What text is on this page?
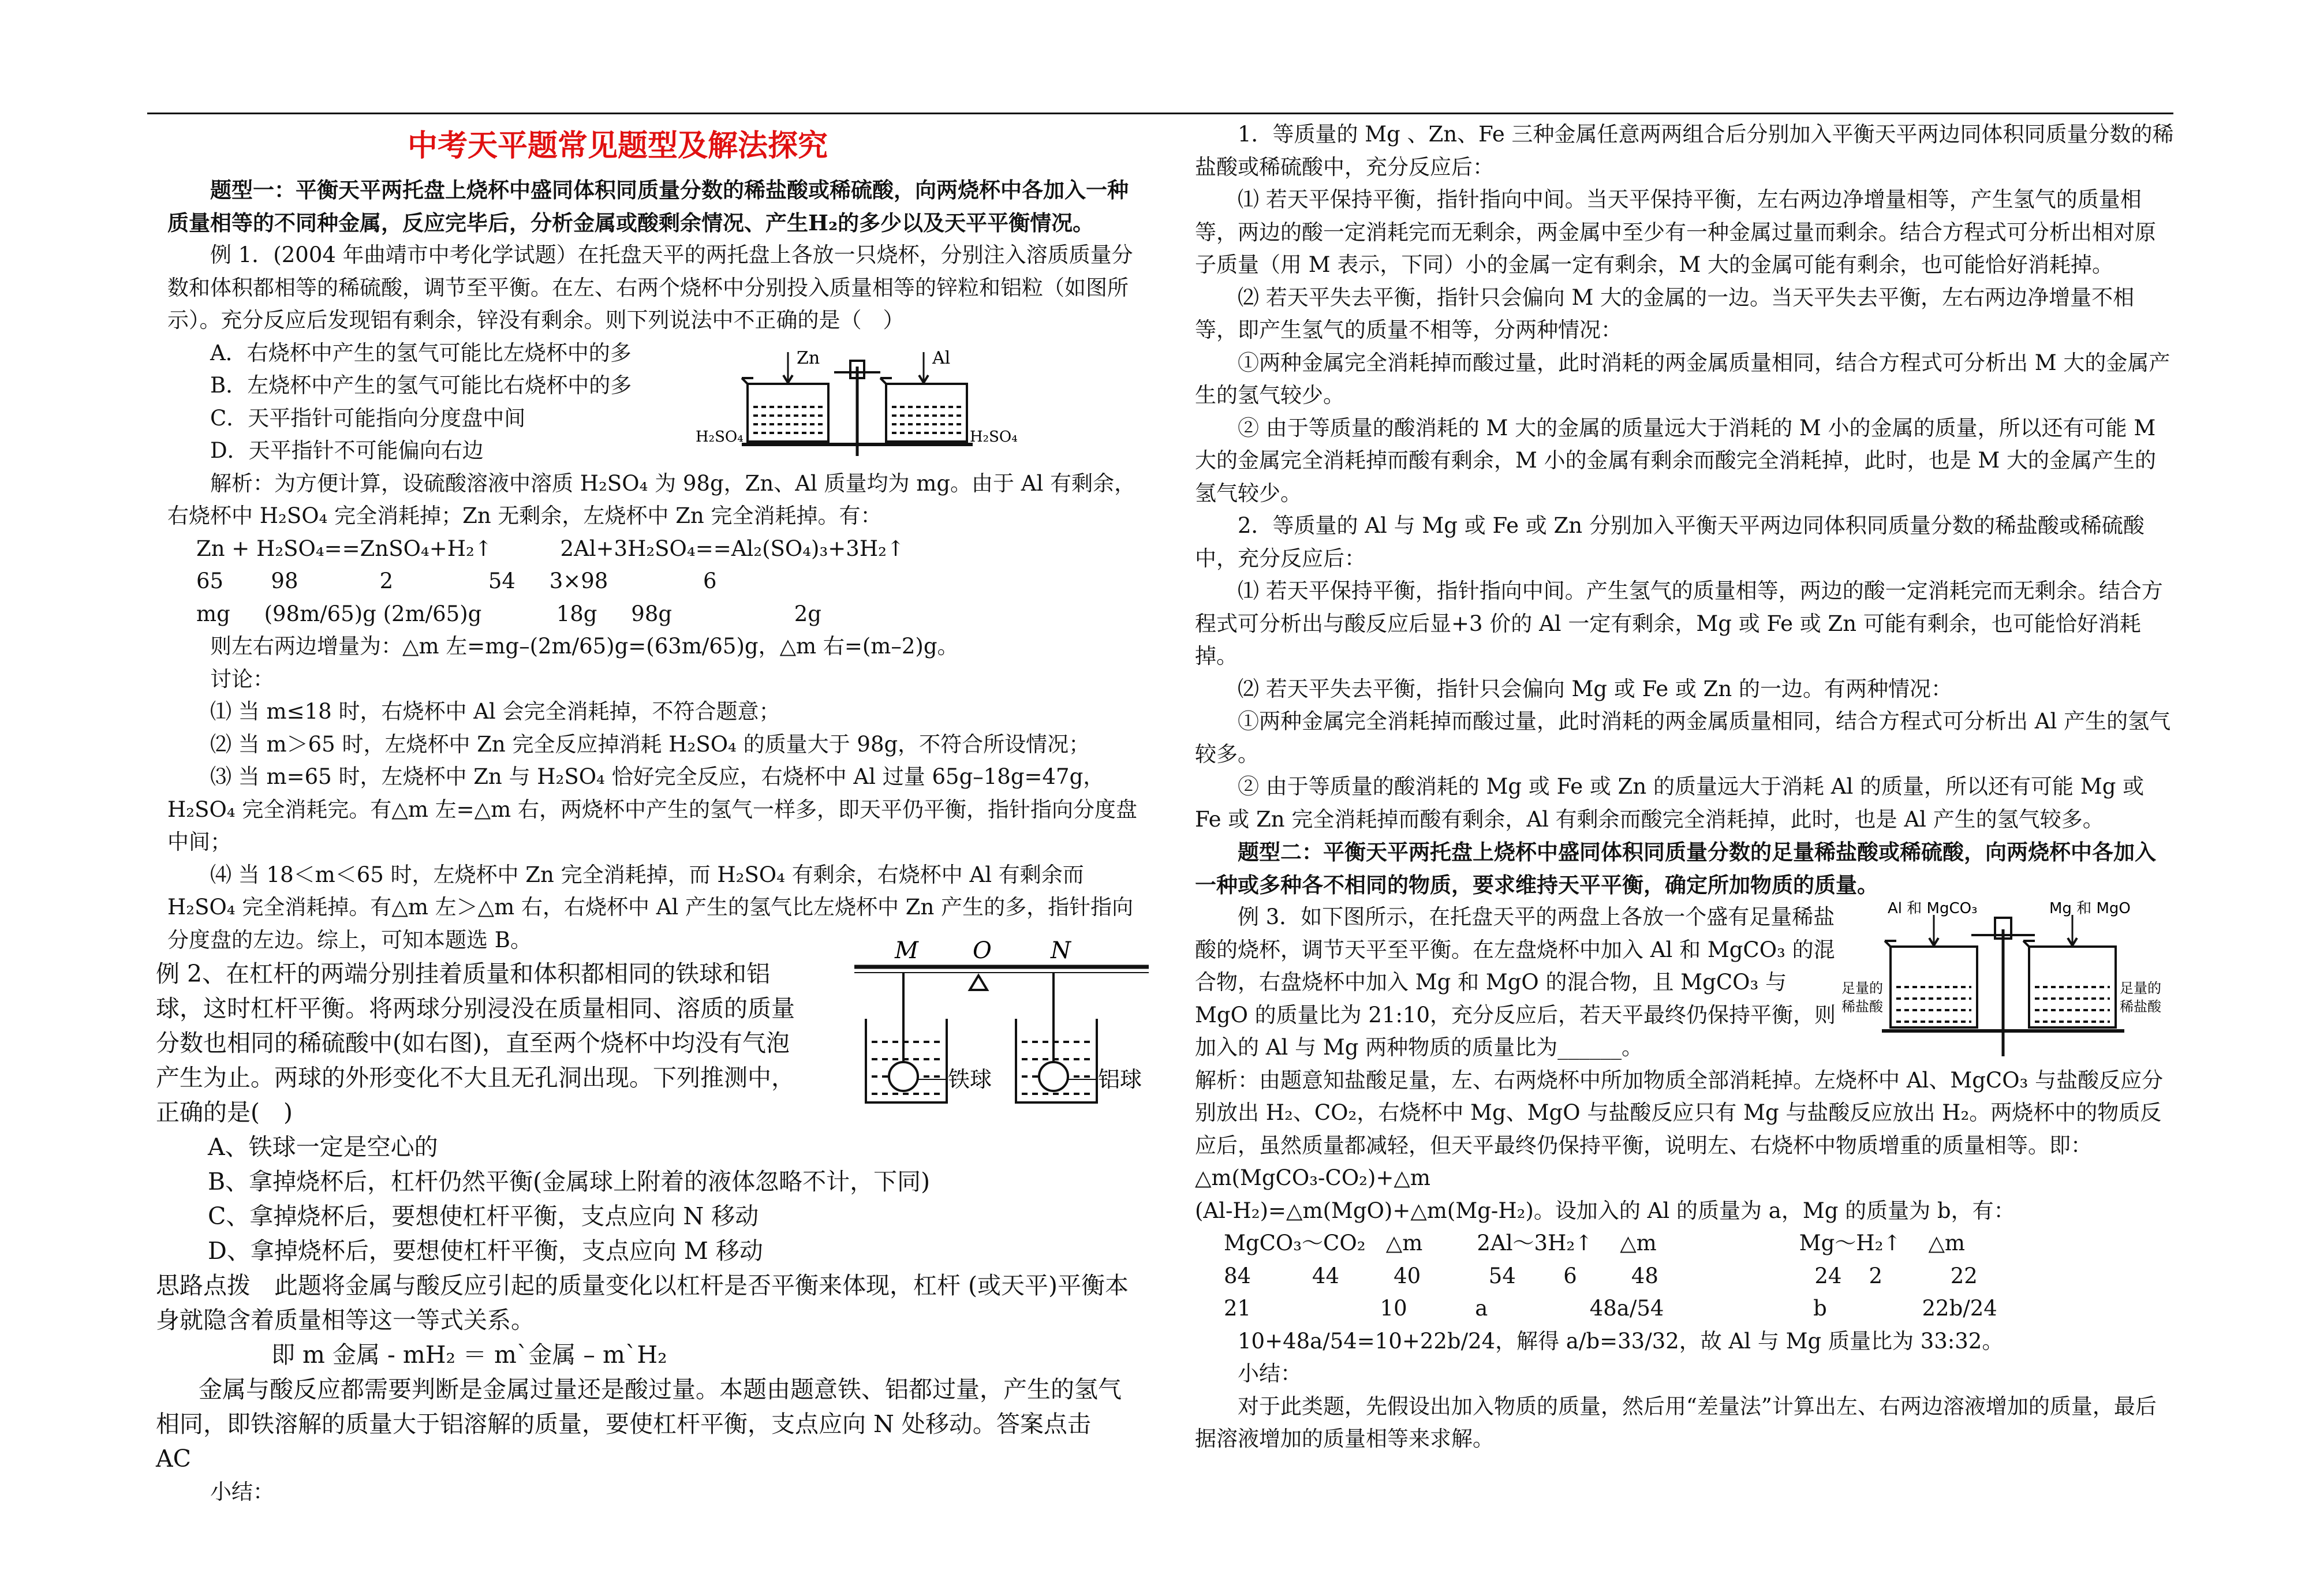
中考天平题常见题型及解法探究

题型一：平衡天平两托盘上烧杯中盛同体积同质量分数的稀盐酸或稀硫酸，向两烧杯中各加入一种质量相等的不同种金属，反应完毕后，分析金属或酸剩余情况、产生H₂的多少以及天平平衡情况。

例 1．(2004 年曲靖市中考化学试题）在托盘天平的两托盘上各放一只烧杯，分别注入溶质质量分数和体积都相等的稀硫酸，调节至平衡。在左、右两个烧杯中分别投入质量相等的锌粒和铝粒（如图所示）。充分反应后发现铝有剩余，锌没有剩余。则下列说法中不正确的是（　）

A．右烧杯中产生的氢气可能比左烧杯中的多

B．左烧杯中产生的氢气可能比右烧杯中的多

C．天平指针可能指向分度盘中间

D．天平指针不可能偏向右边

解析：为方便计算，设硫酸溶液中溶质 H₂SO₄ 为 98g，Zn、Al 质量均为 mg。由于 Al 有剩余，右烧杯中 H₂SO₄ 完全消耗掉；Zn 无剩余，左烧杯中 Zn 完全消耗掉。有：

Zn + H₂SO₄==ZnSO₄+H₂↑          2Al+3H₂SO₄==Al₂(SO₄)₃+3H₂↑

65       98            2              54     3×98              6

mg     (98m/65)g (2m/65)g           18g     98g                  2g

则左右两边增量为：△m 左=mg–(2m/65)g=(63m/65)g，△m 右=(m–2)g。

讨论：

⑴ 当 m≤18 时，右烧杯中 Al 会完全消耗掉，不符合题意；

⑵ 当 m＞65 时，左烧杯中 Zn 完全反应掉消耗 H₂SO₄ 的质量大于 98g，不符合所设情况；

⑶ 当 m=65 时，左烧杯中 Zn 与 H₂SO₄ 恰好完全反应，右烧杯中 Al 过量 65g–18g=47g，H₂SO₄ 完全消耗完。有△m 左=△m 右，两烧杯中产生的氢气一样多，即天平仍平衡，指针指向分度盘中间；

⑷ 当 18＜m＜65 时，左烧杯中 Zn 完全消耗掉，而 H₂SO₄ 有剩余，右烧杯中 Al 有剩余而 H₂SO₄ 完全消耗掉。有△m 左＞△m 右，右烧杯中 Al 产生的氢气比左烧杯中 Zn 产生的多，指针指向分度盘的左边。综上，可知本题选 B。

例 2、在杠杆的两端分别挂着质量和体积都相同的铁球和铝球，这时杠杆平衡。将两球分别浸没在质量相同、溶质的质量分数也相同的稀硫酸中(如右图)，直至两个烧杯中均没有气泡产生为止。两球的外形变化不大且无孔洞出现。下列推测中，正确的是(　)

A、铁球一定是空心的

B、拿掉烧杯后，杠杆仍然平衡(金属球上附着的液体忽略不计，下同)

C、拿掉烧杯后，要想使杠杆平衡，支点应向 N 移动

D、拿掉烧杯后，要想使杠杆平衡，支点应向 M 移动

思路点拨　此题将金属与酸反应引起的质量变化以杠杆是否平衡来体现，杠杆 (或天平)平衡本身就隐含着质量相等这一等式关系。

即 m 金属 - mH₂ ＝ m`金属 – m`H₂

金属与酸反应都需要判断是金属过量还是酸过量。本题由题意铁、铝都过量，产生的氢气相同，即铁溶解的质量大于铝溶解的质量，要使杠杆平衡，支点应向 N 处移动。答案点击　AC

小结：

Zn	Al
H₂SO₄	H₂SO₄
M O	N
铁球	铝球

1．等质量的 Mg 、Zn、Fe 三种金属任意两两组合后分别加入平衡天平两边同体积同质量分数的稀盐酸或稀硫酸中，充分反应后：

⑴ 若天平保持平衡，指针指向中间。当天平保持平衡，左右两边净增量相等，产生氢气的质量相等，两边的酸一定消耗完而无剩余，两金属中至少有一种金属过量而剩余。结合方程式可分析出相对原子质量（用 M 表示，下同）小的金属一定有剩余，M 大的金属可能有剩余，也可能恰好消耗掉。

⑵ 若天平失去平衡，指针只会偏向 M 大的金属的一边。当天平失去平衡，左右两边净增量不相等，即产生氢气的质量不相等，分两种情况：

①两种金属完全消耗掉而酸过量，此时消耗的两金属质量相同，结合方程式可分析出 M 大的金属产生的氢气较少。

② 由于等质量的酸消耗的 M 大的金属的质量远大于消耗的 M 小的金属的质量，所以还有可能 M 大的金属完全消耗掉而酸有剩余，M 小的金属有剩余而酸完全消耗掉，此时，也是 M 大的金属产生的氢气较少。

2．等质量的 Al 与 Mg 或 Fe 或 Zn 分别加入平衡天平两边同体积同质量分数的稀盐酸或稀硫酸中，充分反应后：

⑴ 若天平保持平衡，指针指向中间。产生氢气的质量相等，两边的酸一定消耗完而无剩余。结合方程式可分析出与酸反应后显+3 价的 Al 一定有剩余，Mg 或 Fe 或 Zn 可能有剩余，也可能恰好消耗掉。

⑵ 若天平失去平衡，指针只会偏向 Mg 或 Fe 或 Zn 的一边。有两种情况：

①两种金属完全消耗掉而酸过量，此时消耗的两金属质量相同，结合方程式可分析出 Al 产生的氢气较多。

② 由于等质量的酸消耗的 Mg 或 Fe 或 Zn 的质量远大于消耗 Al 的质量，所以还有可能 Mg 或 Fe 或 Zn 完全消耗掉而酸有剩余，Al 有剩余而酸完全消耗掉，此时，也是 Al 产生的氢气较多。

题型二：平衡天平两托盘上烧杯中盛同体积同质量分数的足量稀盐酸或稀硫酸，向两烧杯中各加入一种或多种各不相同的物质，要求维持天平平衡，确定所加物质的质量。

例 3．如下图所示，在托盘天平的两盘上各放一个盛有足量稀盐酸的烧杯，调节天平至平衡。在左盘烧杯中加入 Al 和 MgCO₃ 的混合物，右盘烧杯中加入 Mg 和 MgO 的混合物，且 MgCO₃ 与 MgO 的质量比为 21:10，充分反应后，若天平最终仍保持平衡，则加入的 Al 与 Mg 两种物质的质量比为______。

解析：由题意知盐酸足量，左、右两烧杯中所加物质全部消耗掉。左烧杯中 Al、MgCO₃ 与盐酸反应分别放出 H₂、CO₂，右烧杯中 Mg、MgO 与盐酸反应只有 Mg 与盐酸反应放出 H₂。两烧杯中的物质反应后，虽然质量都减轻，但天平最终仍保持平衡，说明左、右烧杯中物质增重的质量相等。即：

△m(MgCO₃-CO₂)+△m

(Al-H₂)=△m(MgO)+△m(Mg-H₂)。设加入的 Al 的质量为 a，Mg 的质量为 b，有：

MgCO₃～CO₂   △m        2Al～3H₂↑    △m                     Mg～H₂↑    △m

84         44        40          54       6        48                       24    2          22

21                   10          a               48a/54                      b              22b/24

10+48a/54=10+22b/24，解得 a/b=33/32，故 Al 与 Mg 质量比为 33:32。

小结：

对于此类题，先假设出加入物质的质量，然后用“差量法”计算出左、右两边溶液增加的质量，最后据溶液增加的质量相等来求解。

Al 和 MgCO₃	Mg 和 MgO
足量的
稀盐酸
足量的
稀盐酸
